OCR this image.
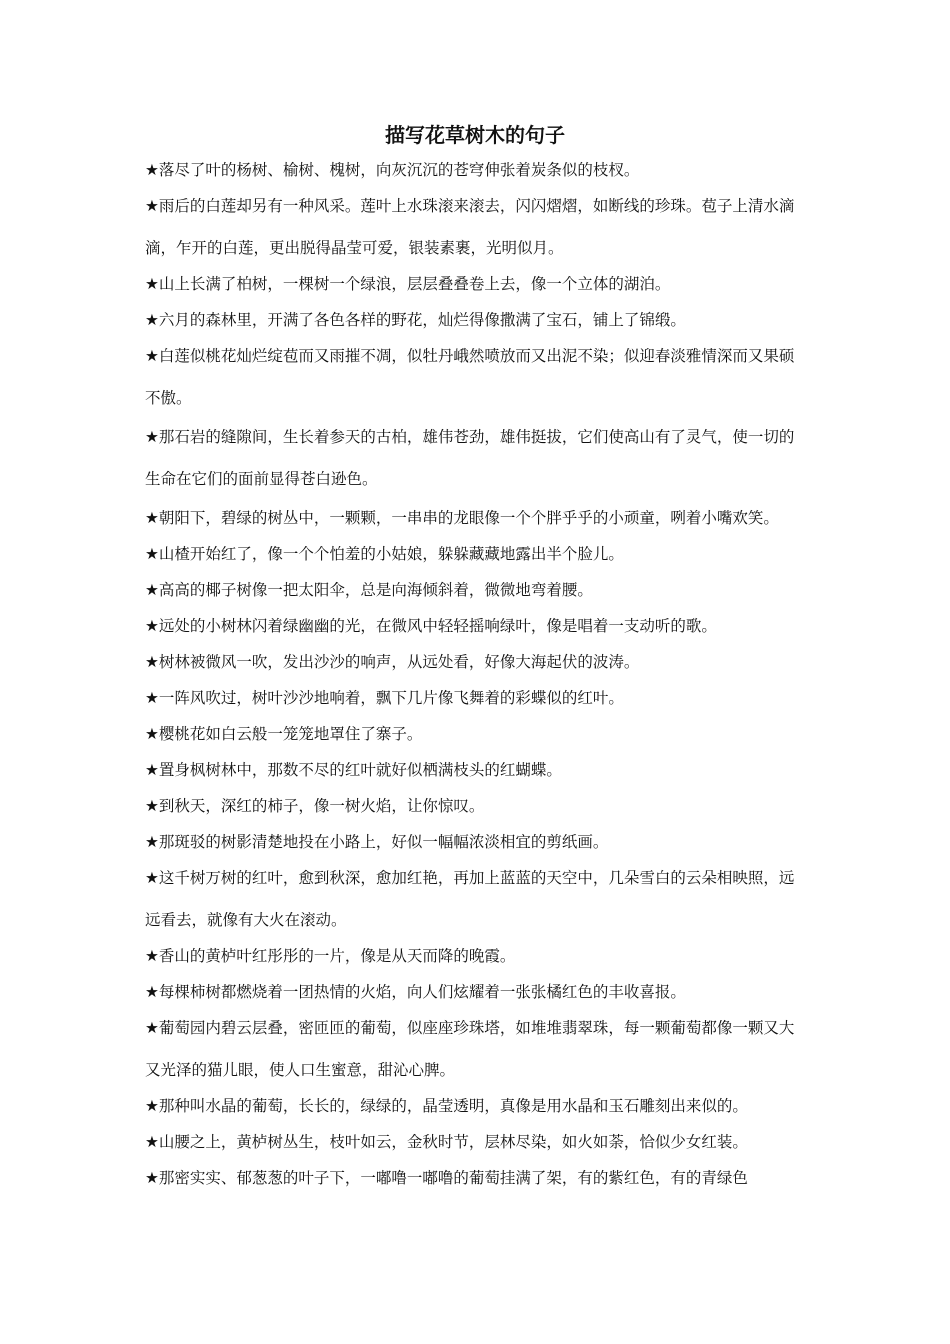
描写花草树木的句子

★落尽了叶的杨树、榆树、槐树，向灰沉沉的苍穹伸张着炭条似的枝杈。

★雨后的白莲却另有一种风采。莲叶上水珠滚来滚去，闪闪熠熠，如断线的珍珠。苞子上清水滴滴，乍开的白莲，更出脱得晶莹可爱，银装素裹，光明似月。

★山上长满了柏树，一棵树一个绿浪，层层叠叠卷上去，像一个立体的湖泊。

★六月的森林里，开满了各色各样的野花，灿烂得像撒满了宝石，铺上了锦缎。

★白莲似桃花灿烂绽苞而又雨摧不凋，似牡丹峨然喷放而又出泥不染；似迎春淡雅情深而又果硕不傲。

★那石岩的缝隙间，生长着参天的古柏，雄伟苍劲，雄伟挺拔，它们使高山有了灵气，使一切的生命在它们的面前显得苍白逊色。

★朝阳下，碧绿的树丛中，一颗颗，一串串的龙眼像一个个胖乎乎的小顽童，咧着小嘴欢笑。

★山楂开始红了，像一个个怕羞的小姑娘，躲躲藏藏地露出半个脸儿。

★高高的椰子树像一把太阳伞，总是向海倾斜着，微微地弯着腰。

★远处的小树林闪着绿幽幽的光，在微风中轻轻摇响绿叶，像是唱着一支动听的歌。

★树林被微风一吹，发出沙沙的响声，从远处看，好像大海起伏的波涛。

★一阵风吹过，树叶沙沙地响着，飘下几片像飞舞着的彩蝶似的红叶。

★樱桃花如白云般一笼笼地罩住了寨子。

★置身枫树林中，那数不尽的红叶就好似栖满枝头的红蝴蝶。

★到秋天，深红的柿子，像一树火焰，让你惊叹。

★那斑驳的树影清楚地投在小路上，好似一幅幅浓淡相宜的剪纸画。

★这千树万树的红叶，愈到秋深，愈加红艳，再加上蓝蓝的天空中，几朵雪白的云朵相映照，远远看去，就像有大火在滚动。

★香山的黄栌叶红彤彤的一片，像是从天而降的晚霞。

★每棵柿树都燃烧着一团热情的火焰，向人们炫耀着一张张橘红色的丰收喜报。

★葡萄园内碧云层叠，密匝匝的葡萄，似座座珍珠塔，如堆堆翡翠珠，每一颗葡萄都像一颗又大又光泽的猫儿眼，使人口生蜜意，甜沁心脾。

★那种叫水晶的葡萄，长长的，绿绿的，晶莹透明，真像是用水晶和玉石雕刻出来似的。

★山腰之上，黄栌树丛生，枝叶如云，金秋时节，层林尽染，如火如荼，恰似少女红装。

★那密实实、郁葱葱的叶子下，一嘟噜一嘟噜的葡萄挂满了架，有的紫红色，有的青绿色
